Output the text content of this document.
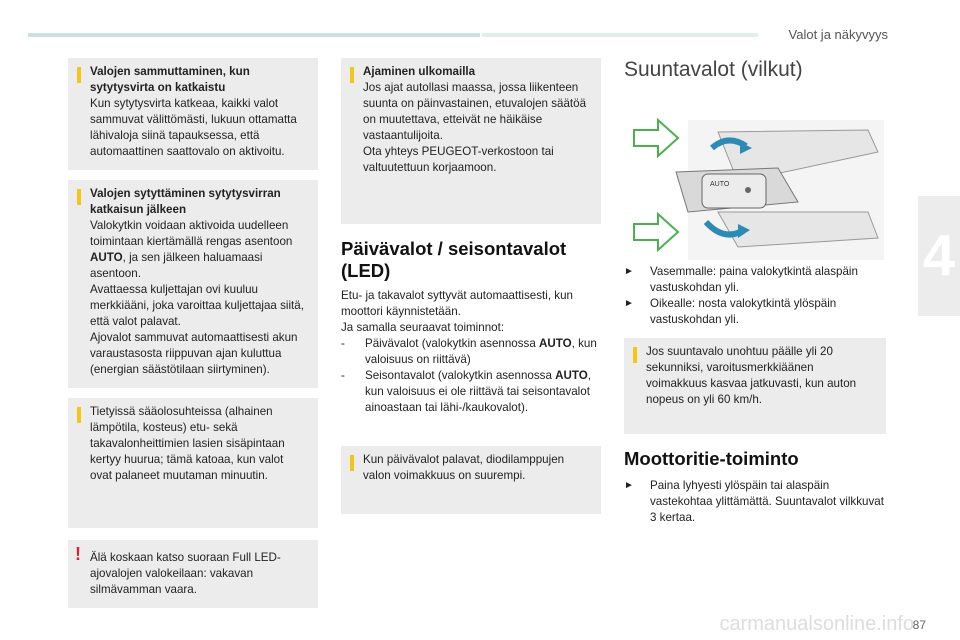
Valot ja näkyvyys
4

Valojen sammuttaminen, kun sytytysvirta on katkaistu

Kun sytytysvirta katkeaa, kaikki valot sammuvat välittömästi, lukuun ottamatta lähivaloja siinä tapauksessa, että automaattinen saattovalo on aktivoitu.

Valojen sytyttäminen sytytysvirran katkaisun jälkeen

Valokytkin voidaan aktivoida uudelleen toimintaan kiertämällä rengas asentoon AUTO, ja sen jälkeen haluamaasi asentoon.

Avattaessa kuljettajan ovi kuuluu merkkiääni, joka varoittaa kuljettajaa siitä, että valot palavat.

Ajovalot sammuvat automaattisesti akun varaustasosta riippuvan ajan kuluttua (energian säästötilaan siirtyminen).

Tietyissä sääolosuhteissa (alhainen lämpötila, kosteus) etu- sekä takavalonheittimien lasien sisäpintaan kertyy huurua; tämä katoaa, kun valot ovat palaneet muutaman minuutin.

! Älä koskaan katso suoraan Full LED-ajovalojen valokeilaan: vakavan silmävamman vaara.

Ajaminen ulkomailla

Jos ajat autollasi maassa, jossa liikenteen suunta on päinvastainen, etuvalojen säätöä on muutettava, etteivät ne häikäise vastaantulijoita.

Ota yhteys PEUGEOT-verkostoon tai valtuutettuun korjaamoon.

Päivävalot / seisontavalot (LED)

Etu- ja takavalot syttyvät automaattisesti, kun moottori käynnistetään.

Ja samalla seuraavat toiminnot:

- Päivävalot (valokytkin asennossa AUTO, kun valoisuus on riittävä)
- Seisontavalot (valokytkin asennossa AUTO, kun valoisuus ei ole riittävä tai seisontavalot ainoastaan tai lähi-/kaukovalot).

Kun päivävalot palavat, diodilamppujen valon voimakkuus on suurempi.

Suuntavalot (vilkut)
AUTO
► Vasemmalle: paina valokytkintä alaspäin vastuskohdan yli.
► Oikealle: nosta valokytkintä ylöspäin vastuskohdan yli.

Jos suuntavalo unohtuu päälle yli 20 sekunniksi, varoitusmerkkiäänen voimakkuus kasvaa jatkuvasti, kun auton nopeus on yli 60 km/h.

Moottoritie-toiminto
► Paina lyhyesti ylöspäin tai alaspäin vastekohtaa ylittämättä. Suuntavalot vilkkuvat 3 kertaa.
87
carmanualsonline.info
